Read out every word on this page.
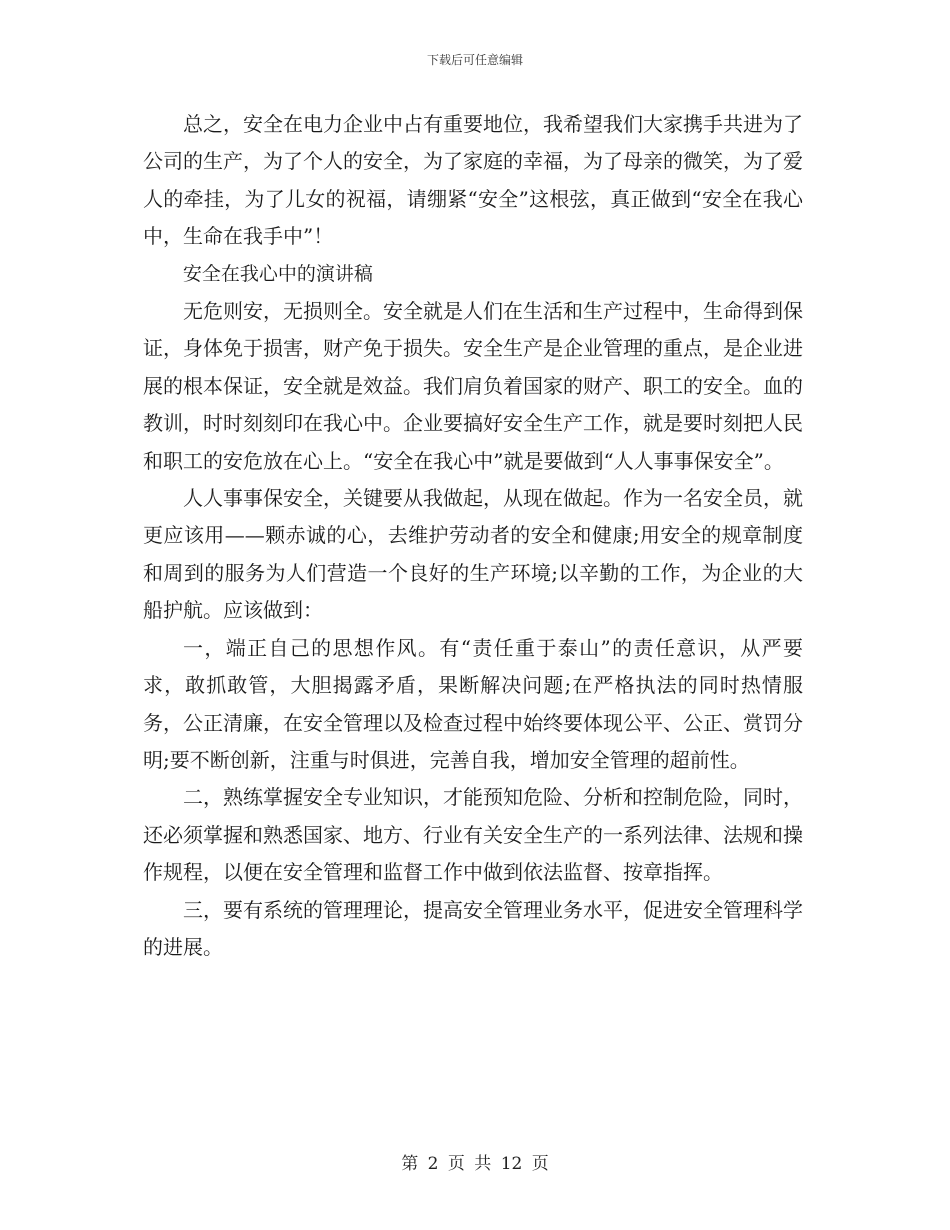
下载后可任意编辑

总之，安全在电力企业中占有重要地位，我希望我们大家携手共进为了公司的生产，为了个人的安全，为了家庭的幸福，为了母亲的微笑，为了爱人的牵挂，为了儿女的祝福，请绷紧“安全”这根弦，真正做到“安全在我心中，生命在我手中”！

安全在我心中的演讲稿

无危则安，无损则全。安全就是人们在生活和生产过程中，生命得到保证，身体免于损害，财产免于损失。安全生产是企业管理的重点，是企业进展的根本保证，安全就是效益。我们肩负着国家的财产、职工的安全。血的教训，时时刻刻印在我心中。企业要搞好安全生产工作，就是要时刻把人民和职工的安危放在心上。“安全在我心中”就是要做到“人人事事保安全”。

人人事事保安全，关键要从我做起，从现在做起。作为一名安全员，就更应该用——颗赤诚的心，去维护劳动者的安全和健康;用安全的规章制度和周到的服务为人们营造一个良好的生产环境;以辛勤的工作，为企业的大船护航。应该做到：

一，端正自己的思想作风。有“责任重于泰山”的责任意识，从严要求，敢抓敢管，大胆揭露矛盾，果断解决问题;在严格执法的同时热情服务，公正清廉，在安全管理以及检查过程中始终要体现公平、公正、赏罚分明;要不断创新，注重与时俱进，完善自我，增加安全管理的超前性。

二，熟练掌握安全专业知识，才能预知危险、分析和控制危险，同时，还必须掌握和熟悉国家、地方、行业有关安全生产的一系列法律、法规和操作规程，以便在安全管理和监督工作中做到依法监督、按章指挥。

三，要有系统的管理理论，提高安全管理业务水平，促进安全管理科学的进展。

第 2 页 共 12 页
